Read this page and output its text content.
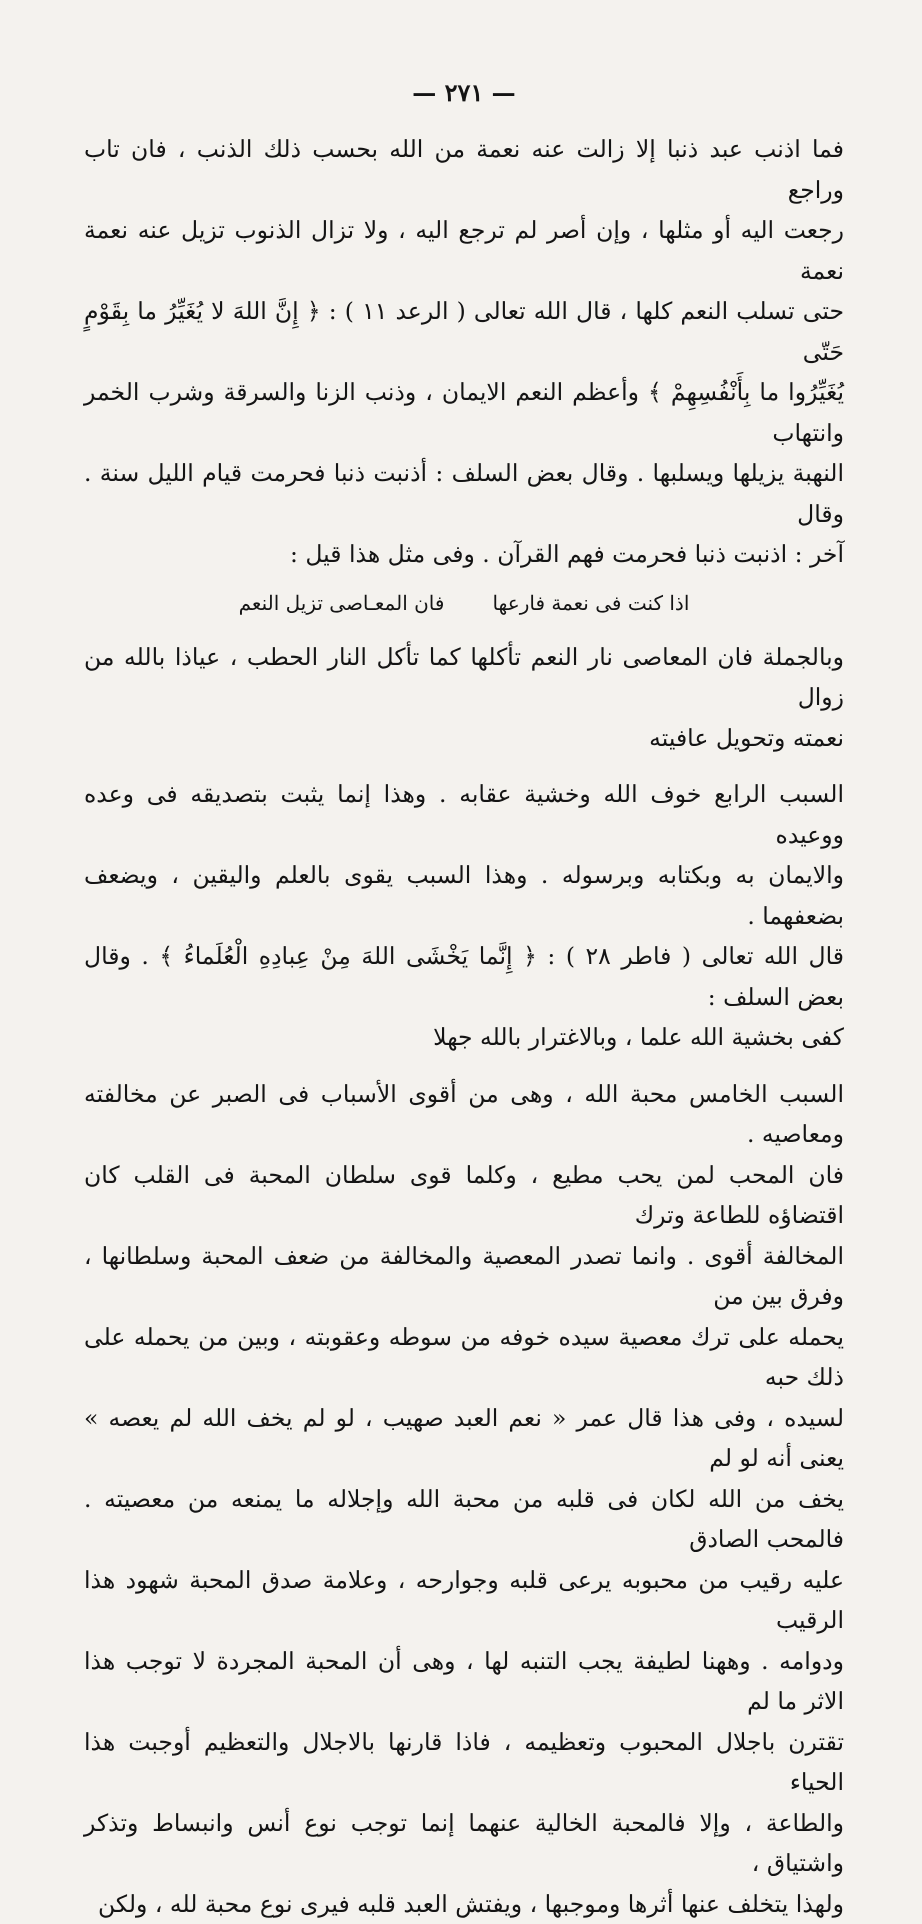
— ٢٧١ —
فما اذنب عبد ذنبا إلا زالت عنه نعمة من الله بحسب ذلك الذنب ، فان تاب وراجع
رجعت اليه أو مثلها ، وإن أصر لم ترجع اليه ، ولا تزال الذنوب تزيل عنه نعمة نعمة
حتى تسلب النعم كلها ، قال الله تعالى ( الرعد ١١ ) : ﴿ إِنَّ اللهَ لا يُغَيِّرُ ما بِقَوْمٍ حَتّى
يُغَيِّرُوا ما بِأَنْفُسِهِمْ ﴾ وأعظم النعم الايمان ، وذنب الزنا والسرقة وشرب الخمر وانتهاب
النهبة يزيلها ويسلبها . وقال بعض السلف : أذنبت ذنبا فحرمت قيام الليل سنة . وقال
آخر : اذنبت ذنبا فحرمت فهم القرآن . وفى مثل هذا قيل :
اذا كنت فى نعمة فارعها
فان المعـاصى تزيل النعم
وبالجملة فان المعاصى نار النعم تأكلها كما تأكل النار الحطب ، عياذا بالله من زوال
نعمته وتحويل عافيته
السبب الرابع خوف الله وخشية عقابه . وهذا إنما يثبت بتصديقه فى وعده ووعيده
والايمان به وبكتابه وبرسوله . وهذا السبب يقوى بالعلم واليقين ، ويضعف بضعفهما .
قال الله تعالى ( فاطر ٢٨ ) : ﴿ إِنَّما يَخْشَى اللهَ مِنْ عِبادِهِ الْعُلَماءُ ﴾ . وقال بعض السلف :
كفى بخشية الله علما ، وبالاغترار بالله جهلا
السبب الخامس محبة الله ، وهى من أقوى الأسباب فى الصبر عن مخالفته ومعاصيه .
فان المحب لمن يحب مطيع ، وكلما قوى سلطان المحبة فى القلب كان اقتضاؤه للطاعة وترك
المخالفة أقوى . وانما تصدر المعصية والمخالفة من ضعف المحبة وسلطانها ، وفرق بين من
يحمله على ترك معصية سيده خوفه من سوطه وعقوبته ، وبين من يحمله على ذلك حبه
لسيده ، وفى هذا قال عمر « نعم العبد صهيب ، لو لم يخف الله لم يعصه » يعنى أنه لو لم
يخف من الله لكان فى قلبه من محبة الله وإجلاله ما يمنعه من معصيته . فالمحب الصادق
عليه رقيب من محبوبه يرعى قلبه وجوارحه ، وعلامة صدق المحبة شهود هذا الرقيب
ودوامه . وههنا لطيفة يجب التنبه لها ، وهى أن المحبة المجردة لا توجب هذا الاثر ما لم
تقترن باجلال المحبوب وتعظيمه ، فاذا قارنها بالاجلال والتعظيم أوجبت هذا الحياء
والطاعة ، وإلا فالمحبة الخالية عنهما إنما توجب نوع أنس وانبساط وتذكر واشتياق ،
ولهذا يتخلف عنها أثرها وموجبها ، ويفتش العبد قلبه فيرى نوع محبة لله ، ولكن
